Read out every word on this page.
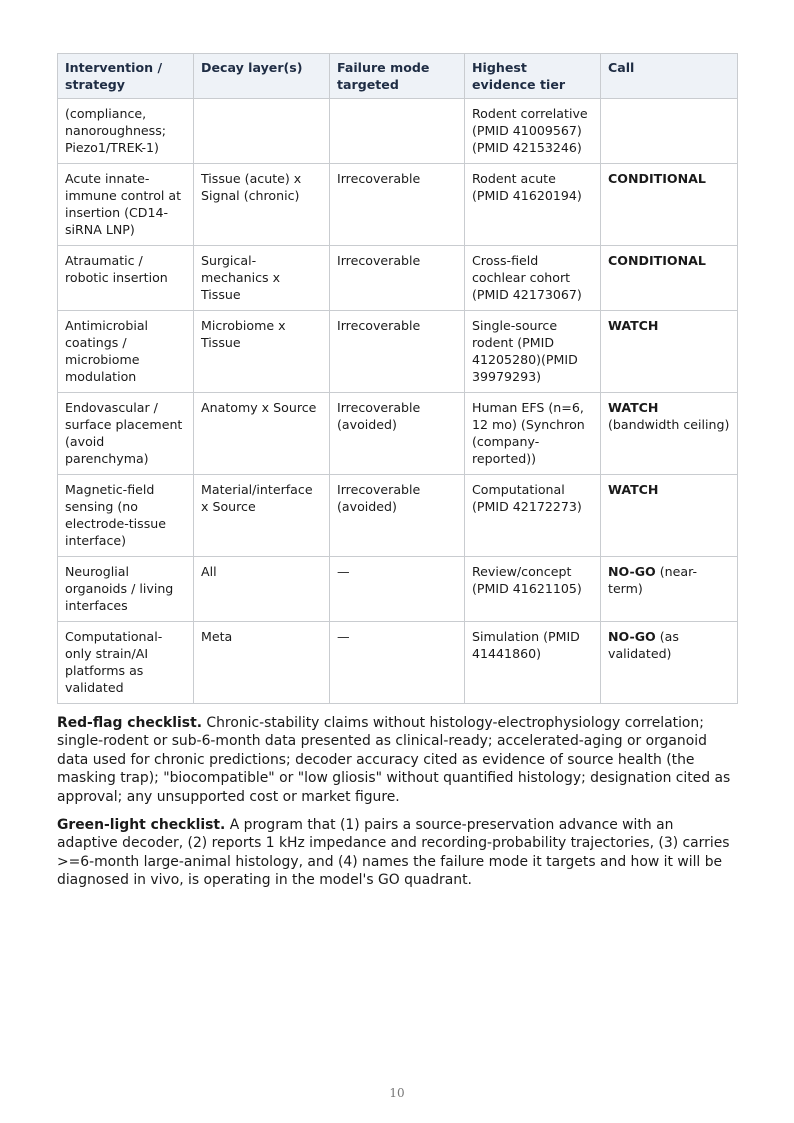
Intervention / strategy	Decay layer(s)	Failure mode targeted	Highest evidence tier	Call
(compliance, nanoroughness; Piezo1/TREK-1)			Rodent correlative (PMID 41009567) (PMID 42153246)	
Acute innate-immune control at insertion (CD14-siRNA LNP)	Tissue (acute) x Signal (chronic)	Irrecoverable	Rodent acute (PMID 41620194)	CONDITIONAL
Atraumatic / robotic insertion	Surgical-mechanics x Tissue	Irrecoverable	Cross-field cochlear cohort (PMID 42173067)	CONDITIONAL
Antimicrobial coatings / microbiome modulation	Microbiome x Tissue	Irrecoverable	Single-source rodent (PMID 41205280)(PMID 39979293)	WATCH
Endovascular / surface placement (avoid parenchyma)	Anatomy x Source	Irrecoverable (avoided)	Human EFS (n=6, 12 mo) (Synchron (company-reported))	WATCH (bandwidth ceiling)
Magnetic-field sensing (no electrode-tissue interface)	Material/interface x Source	Irrecoverable (avoided)	Computational (PMID 42172273)	WATCH
Neuroglial organoids / living interfaces	All	—	Review/concept (PMID 41621105)	NO-GO (near-term)
Computational-only strain/AI platforms as validated	Meta	—	Simulation (PMID 41441860)	NO-GO (as validated)

Red-flag checklist. Chronic-stability claims without histology-electrophysiology correlation; single-rodent or sub-6-month data presented as clinical-ready; accelerated-aging or organoid data used for chronic predictions; decoder accuracy cited as evidence of source health (the masking trap); "biocompatible" or "low gliosis" without quantified histology; designation cited as approval; any unsupported cost or market figure.

Green-light checklist. A program that (1) pairs a source-preservation advance with an adaptive decoder, (2) reports 1 kHz impedance and recording-probability trajectories, (3) carries >=6-month large-animal histology, and (4) names the failure mode it targets and how it will be diagnosed in vivo, is operating in the model's GO quadrant.

10
